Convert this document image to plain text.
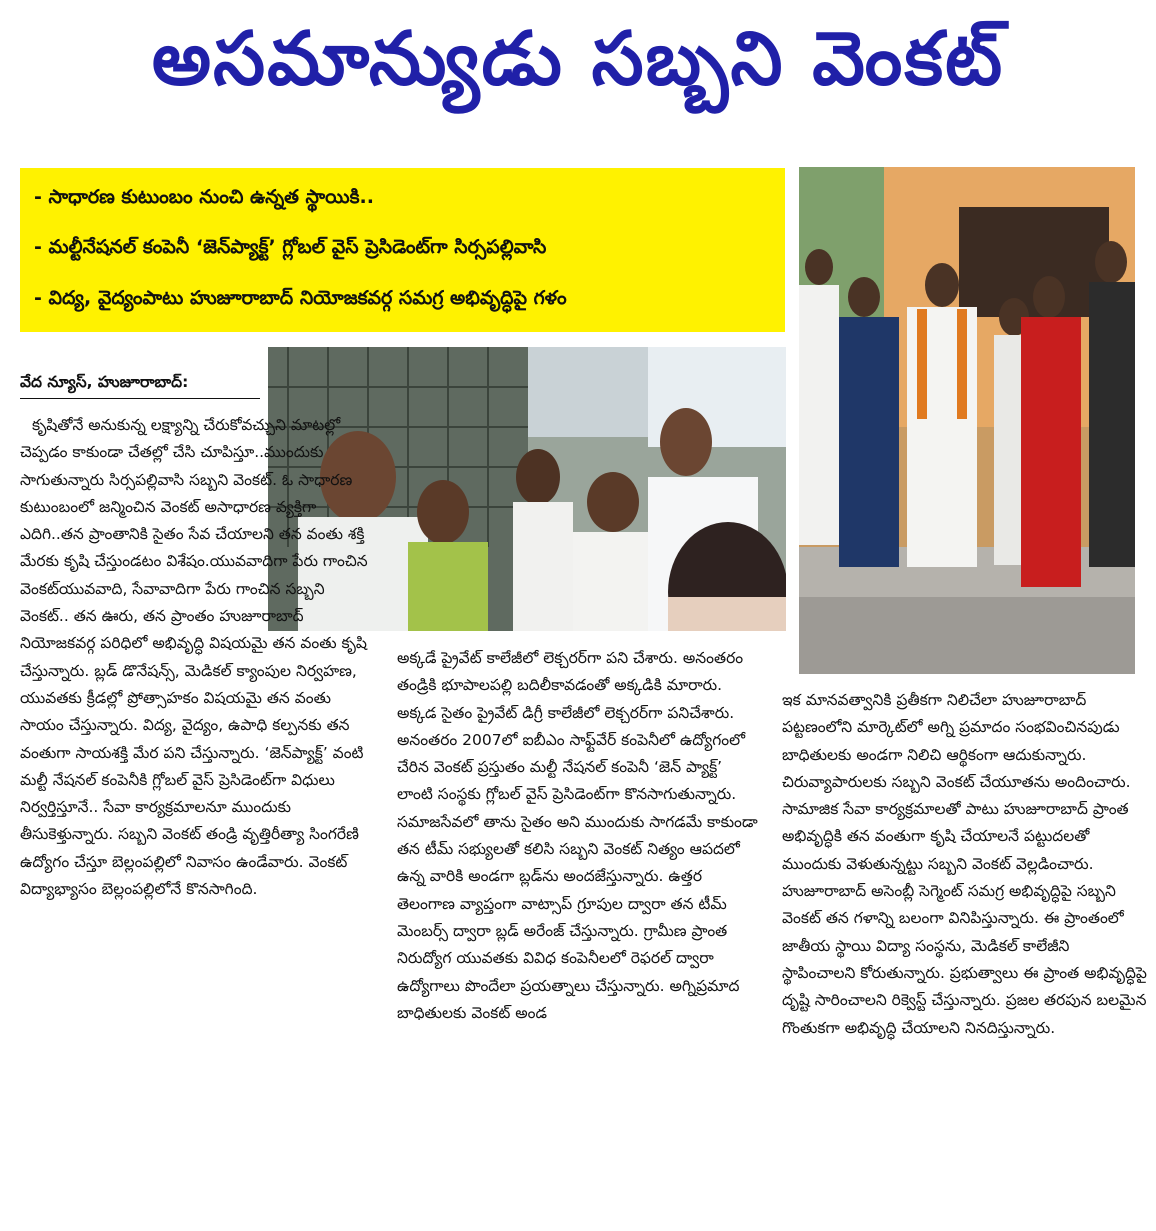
అసమాన్యుడు సబ్బని వెంకట్
- సాధారణ కుటుంబం నుంచి ఉన్నత స్థాయికి..
- మల్టీనేషనల్ కంపెనీ ‘జెన్‌ప్యాక్ట్’ గ్లోబల్ వైస్ ప్రెసిడెంట్‌గా సిర్సపల్లివాసి
- విద్య, వైద్యంపాటు హుజూరాబాద్ నియోజకవర్గ సమగ్ర అభివృద్ధిపై గళం
వేద న్యూస్, హుజూరాబాద్:

కృషితోనే అనుకున్న లక్ష్యాన్ని చేరుకోవచ్చుని మాటల్లో చెప్పడం కాకుండా చేతల్లో చేసి చూపిస్తూ..ముందుకు సాగుతున్నారు సిర్సపల్లివాసి సబ్బని వెంకట్. ఓ సాధారణ కుటుంబంలో జన్మించిన వెంకట్ అసాధారణ వ్యక్తిగా ఎదిగి..తన ప్రాంతానికి సైతం సేవ చేయాలని తన వంతు శక్తి మేరకు కృషి చేస్తుండటం విశేషం.యువవాదిగా పేరు గాంచిన వెంకట్‌యువవాది, సేవావాదిగా పేరు గాంచిన సబ్బని వెంకట్.. తన ఊరు, తన ప్రాంతం హుజూరాబాద్ నియోజకవర్గ పరిధిలో అభివృద్ధి విషయమై తన వంతు కృషి చేస్తున్నారు. బ్లడ్ డొనేషన్స్, మెడికల్ క్యాంపుల నిర్వహణ, యువతకు క్రీడల్లో ప్రోత్సాహకం విషయమై తన వంతు సాయం చేస్తున్నారు. విద్య, వైద్యం, ఉపాధి కల్పనకు తన వంతుగా సాయశక్తి మేర పని చేస్తున్నారు. ‘జెన్‌ప్యాక్ట్’ వంటి మల్టీ నేషనల్ కంపెనీకి గ్లోబల్ వైస్ ప్రెసిడెంట్‌గా విధులు నిర్వర్తిస్తూనే.. సేవా కార్యక్రమాలనూ ముందుకు తీసుకెళ్తున్నారు. సబ్బని వెంకట్ తండ్రి వృత్తిరీత్యా సింగరేణి ఉద్యోగం చేస్తూ బెల్లంపల్లిలో నివాసం ఉండేవారు. వెంకట్ విద్యాభ్యాసం బెల్లంపల్లిలోనే కొనసాగింది.

అక్కడే ప్రైవేట్ కాలేజీలో లెక్చరర్‌గా పని చేశారు. అనంతరం తండ్రికి భూపాలపల్లి బదిలీకావడంతో అక్కడికి మారారు. అక్కడ సైతం ప్రైవేట్ డిగ్రీ కాలేజీలో లెక్చరర్‌గా పనిచేశారు. అనంతరం 2007లో ఐబీఎం సాఫ్ట్‌వేర్ కంపెనీలో ఉద్యోగంలో చేరిన వెంకట్ ప్రస్తుతం మల్టీ నేషనల్ కంపెనీ ‘జెన్ ప్యాక్ట్’ లాంటి సంస్థకు గ్లోబల్ వైస్ ప్రెసిడెంట్‌గా కొనసాగుతున్నారు. సమాజసేవలో తాను సైతం అని ముందుకు సాగడమే కాకుండా తన టీమ్ సభ్యులతో కలిసి సబ్బని వెంకట్ నిత్యం ఆపదలో ఉన్న వారికి అండగా బ్లడ్‌ను అందజేస్తున్నారు. ఉత్తర తెలంగాణ వ్యాప్తంగా వాట్సాప్ గ్రూపుల ద్వారా తన టీమ్ మెంబర్స్ ద్వారా బ్లడ్ అరేంజ్ చేస్తున్నారు. గ్రామీణ ప్రాంత నిరుద్యోగ యువతకు వివిధ కంపెనీలలో రెఫరల్ ద్వారా ఉద్యోగాలు పొందేలా ప్రయత్నాలు చేస్తున్నారు. అగ్నిప్రమాద బాధితులకు వెంకట్ అండ

ఇక మానవత్వానికి ప్రతీకగా నిలిచేలా హుజూరాబాద్ పట్టణంలోని మార్కెట్‌లో అగ్ని ప్రమాదం సంభవించినపుడు బాధితులకు అండగా నిలిచి ఆర్థికంగా ఆదుకున్నారు. చిరువ్యాపారులకు సబ్బని వెంకట్ చేయూతను అందించారు. సామాజిక సేవా కార్యక్రమాలతో పాటు హుజూరాబాద్ ప్రాంత అభివృద్ధికి తన వంతుగా కృషి చేయాలనే పట్టుదలతో ముందుకు వెళుతున్నట్టు సబ్బని వెంకట్ వెల్లడించారు. హుజూరాబాద్ అసెంబ్లీ సెగ్మెంట్ సమగ్ర అభివృద్ధిపై సబ్బని వెంకట్ తన గళాన్ని బలంగా వినిపిస్తున్నారు. ఈ ప్రాంతంలో జాతీయ స్థాయి విద్యా సంస్థను, మెడికల్ కాలేజీని స్థాపించాలని కోరుతున్నారు. ప్రభుత్వాలు ఈ ప్రాంత అభివృద్ధిపై దృష్టి సారించాలని రిక్వెస్ట్ చేస్తున్నారు. ప్రజల తరపున బలమైన గొంతుకగా అభివృద్ధి చేయాలని నినదిస్తున్నారు.
